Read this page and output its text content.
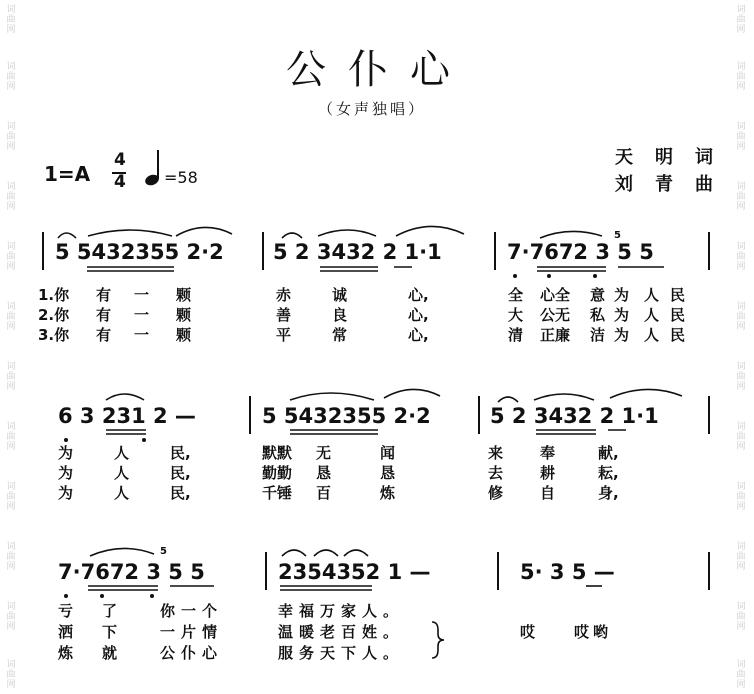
词曲网
词曲网
词曲网
词曲网
词曲网
词曲网
词曲网
词曲网
词曲网
词曲网
词曲网
词曲网
词曲网
词曲网
词曲网
词曲网
词曲网
词曲网
词曲网
词曲网
词曲网
词曲网
词曲网
词曲网
公仆心
（女声独唱）
天明词
刘青曲
1=A
4
4 =58
5 5432355 2·2 5 2 3432 2 1·1	7·7672 3 5 5
1.你 有 一 颗	赤	诚	心,	全 心全 意 为 人 民
2.你 有 一 颗	善	良	心,	大 公无 私 为 人 民
3.你 有 一 颗	平	常	心,	清 正廉 洁 为 人 民
6 3 231 2 —	5 5432355 2·2	5 2 3432 2 1·1
为	人	民,	默默 无	闻	来 奉	献,
为	人	民,	勤勤 恳	恳	去 耕	耘,
为	人	民,	千锤 百	炼	修 自	身,
7·7672 3 5 5	2354352 1 —	5· 3 5 —
亏 了	你一个	幸福万家人。
洒 下	一片情	温暖老百姓。	哎	哎哟
炼 就	公仆心	服务天下人。
5
5
